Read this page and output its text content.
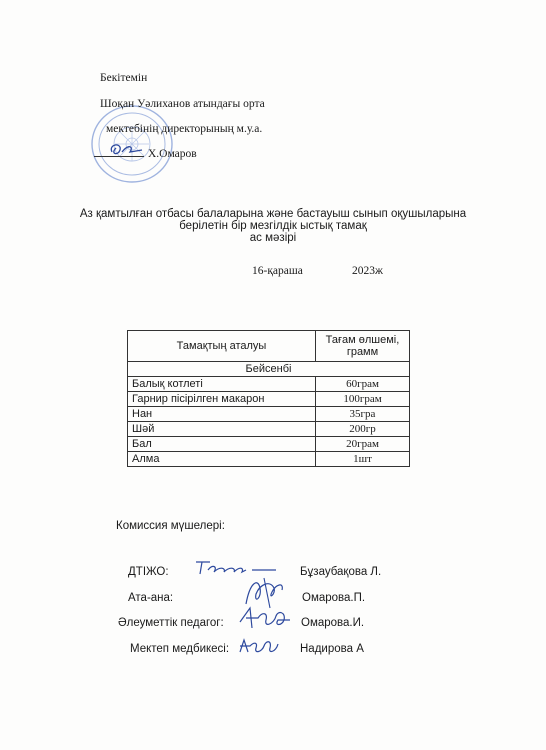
Бекітемін
Шоқан Уәлиханов атындағы орта
мектебінің директорының м.у.а.
Х.Омаров
Аз қамтылған отбасы балаларына және бастауыш сынып оқушыларына
берілетін бір мезгілдік ыстық тамақ
ас мәзірі
16-қараша	2023ж
Тамақтың аталуы	Тағам өлшемі, грамм
Бейсенбі	
Балық котлеті	60грам
Гарнир пісірілген макарон	100грам
Нан	35гра
Шәй	200гр
Бал	20грам
Алма	1шт
Комиссия мүшелері:
ДТІЖО:	Бұзаубақова Л.
Ата-ана:	Омарова.П.
Әлеуметтік педагог:	Омарова.И.
Мектеп медбикесі:	Надирова А
